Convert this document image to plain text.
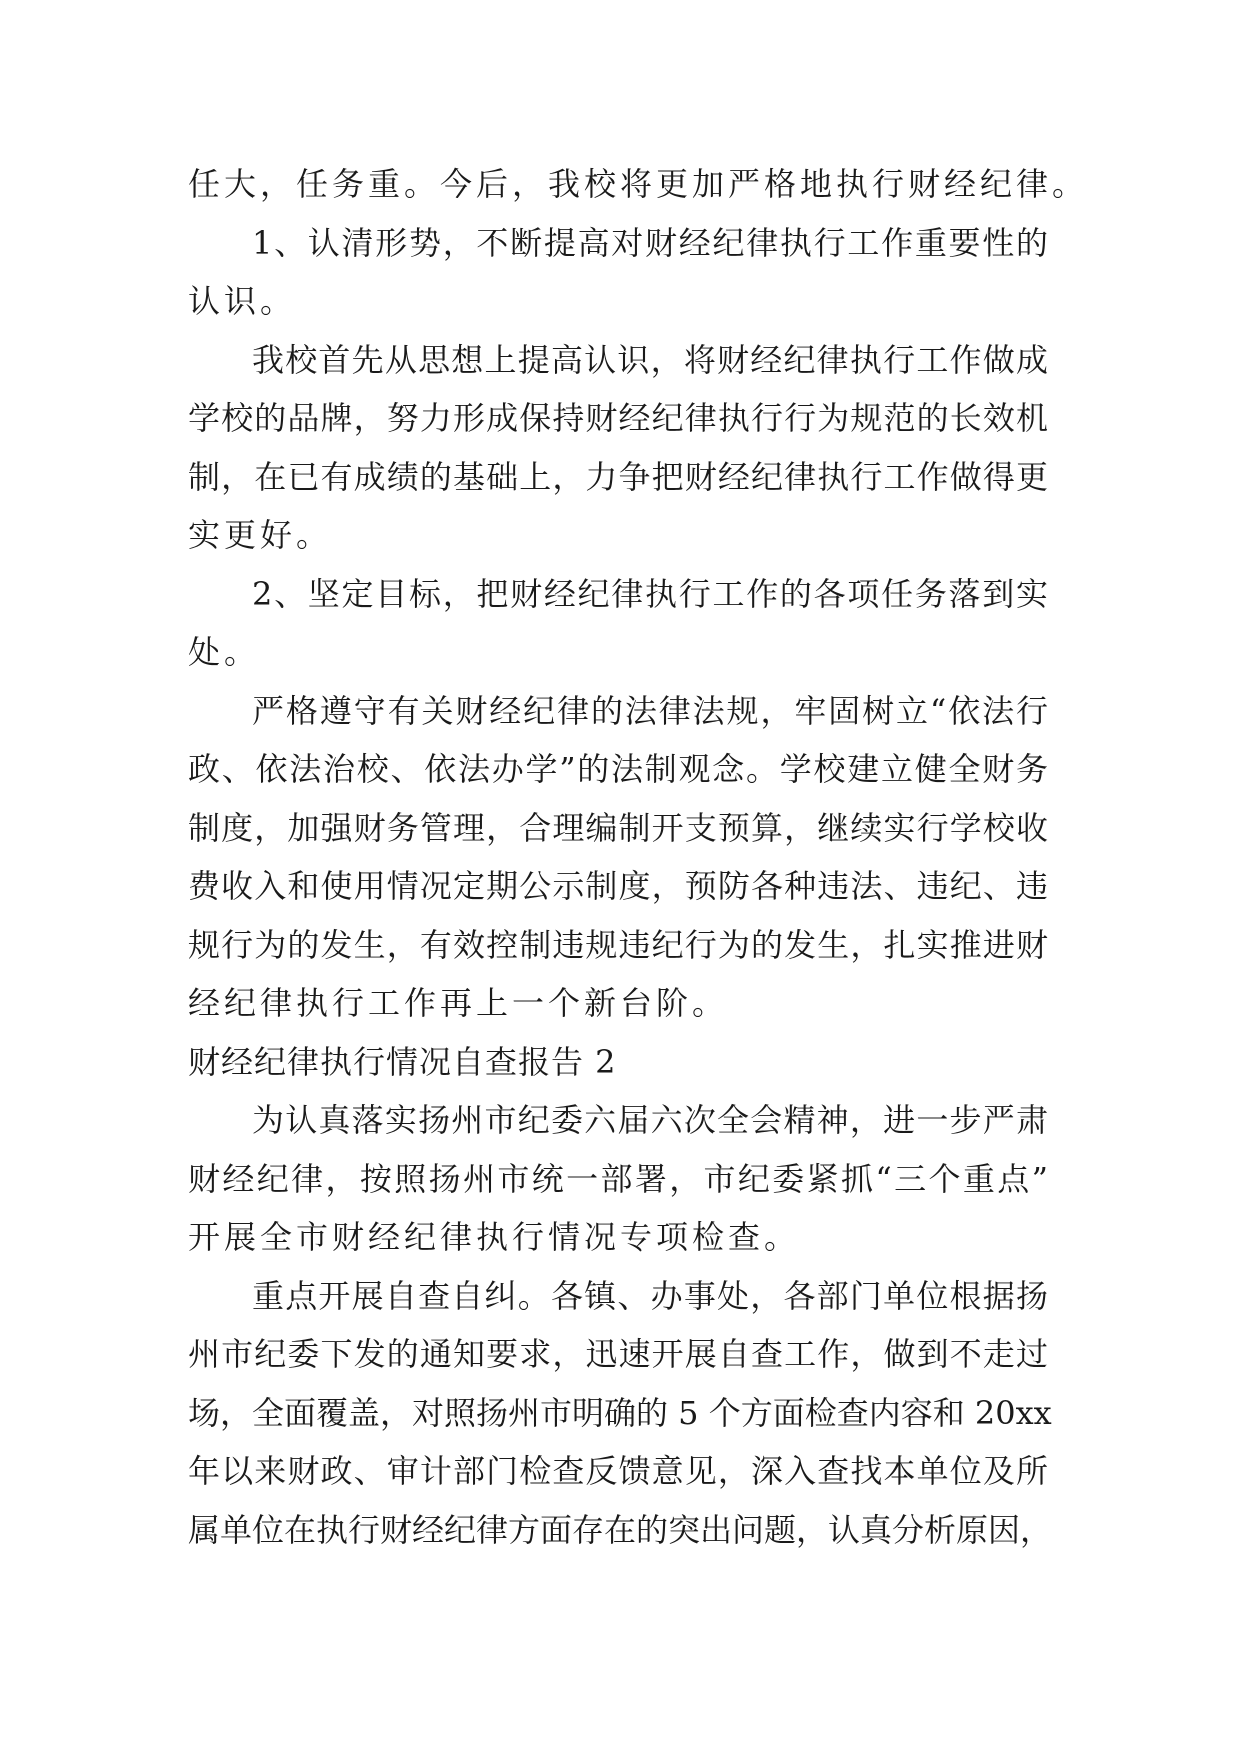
任大，任务重。今后，我校将更加严格地执行财经纪律。
1、认清形势，不断提高对财经纪律执行工作重要性的
认识。
我校首先从思想上提高认识，将财经纪律执行工作做成
学校的品牌，努力形成保持财经纪律执行行为规范的长效机
制，在已有成绩的基础上，力争把财经纪律执行工作做得更
实更好。
2、坚定目标，把财经纪律执行工作的各项任务落到实
处。
严格遵守有关财经纪律的法律法规，牢固树立“依法行
政、依法治校、依法办学”的法制观念。学校建立健全财务
制度，加强财务管理，合理编制开支预算，继续实行学校收
费收入和使用情况定期公示制度，预防各种违法、违纪、违
规行为的发生，有效控制违规违纪行为的发生，扎实推进财
经纪律执行工作再上一个新台阶。
财经纪律执行情况自查报告 2
为认真落实扬州市纪委六届六次全会精神，进一步严肃
财经纪律，按照扬州市统一部署，市纪委紧抓“三个重点”
开展全市财经纪律执行情况专项检查。
重点开展自查自纠。各镇、办事处，各部门单位根据扬
州市纪委下发的通知要求，迅速开展自查工作，做到不走过
场，全面覆盖，对照扬州市明确的 5 个方面检查内容和 20xx
年以来财政、审计部门检查反馈意见，深入查找本单位及所
属单位在执行财经纪律方面存在的突出问题，认真分析原因，
